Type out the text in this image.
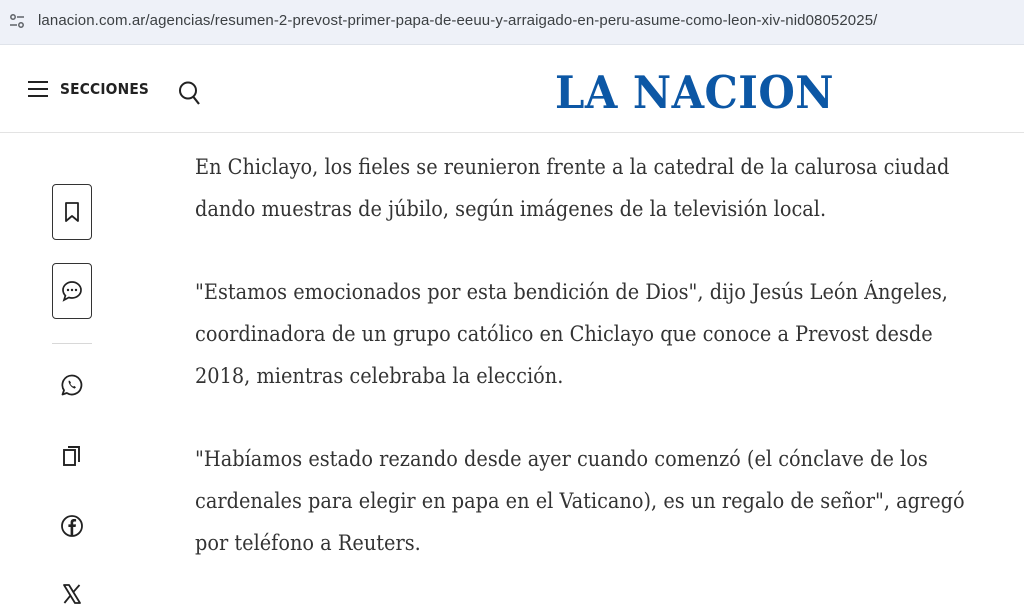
lanacion.com.ar/agencias/resumen-2-prevost-primer-papa-de-eeuu-y-arraigado-en-peru-asume-como-leon-xiv-nid08052025/
SECCIONES	LA NACION

En Chiclayo, los fieles se reunieron frente a la catedral de la calurosa ciudad dando muestras de júbilo, según imágenes de la televisión local.

"Estamos emocionados por esta bendición de Dios", dijo Jesús León Ángeles, coordinadora de un grupo católico en Chiclayo que conoce a Prevost desde 2018, mientras celebraba la elección.

"Habíamos estado rezando desde ayer cuando comenzó (el cónclave de los cardenales para elegir en papa en el Vaticano), es un regalo de señor", agregó por teléfono a Reuters.
